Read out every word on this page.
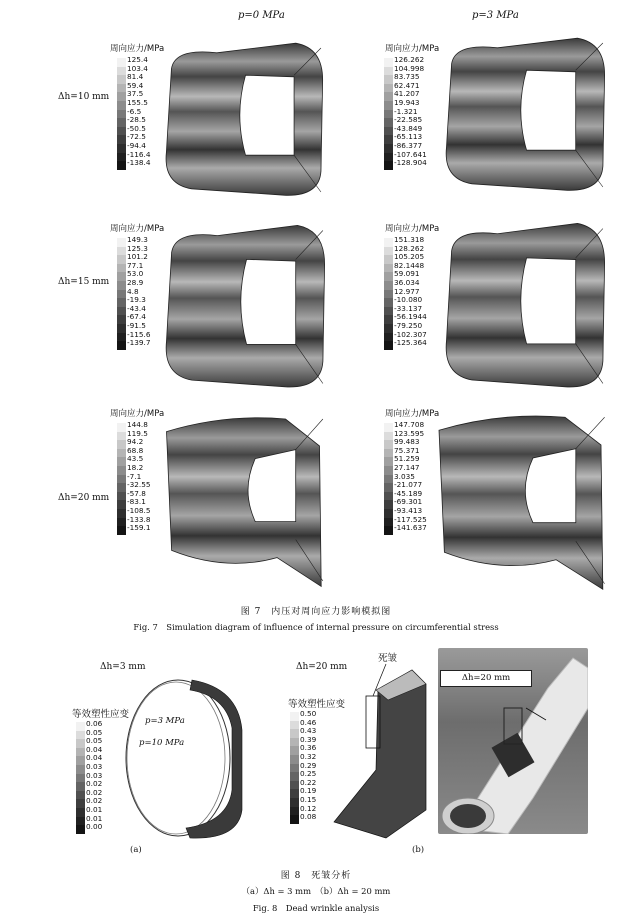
p=0 MPa	p=3 MPa
Δh=10 mm
Δh=15 mm
Δh=20 mm
周向应力/MPa
125.4
103.4
81.4
59.4
37.5
155.5
-6.5
-28.5
-50.5
-72.5
-94.4
-116.4
-138.4
周向应力/MPa
126.262
104.998
83.735
62.471
41.207
19.943
-1.321
-22.585
-43.849
-65.113
-86.377
-107.641
-128.904
周向应力/MPa
149.3
125.3
101.2
77.1
53.0
28.9
4.8
-19.3
-43.4
-67.4
-91.5
-115.6
-139.7
周向应力/MPa
151.318
128.262
105.205
82.1448
59.091
36.034
12.977
-10.080
-33.137
-56.1944
-79.250
-102.307
-125.364
周向应力/MPa
144.8
119.5
94.2
68.8
43.5
18.2
-7.1
-32.55
-57.8
-83.1
-108.5
-133.8
-159.1
周向应力/MPa
147.708
123.595
99.483
75.371
51.259
27.147
3.035
-21.077
-45.189
-69.301
-93.413
-117.525
-141.637
图 7　内压对周向应力影响模拟图
Fig. 7　Simulation diagram of influence of internal pressure on circumferential stress
Δh=3 mm
等效塑性应变
0.06
0.05
0.05
0.04
0.04
0.03
0.03
0.02
0.02
0.02
0.01
0.01
0.00
p=3 MPa
p=10 MPa
(a)
Δh=20 mm
死皱
等效塑性应变
0.50
0.46
0.43
0.39
0.36
0.32
0.29
0.25
0.22
0.19
0.15
0.12
0.08
(b)
Δh=20 mm
图 8　死皱分析
（a）Δh = 3 mm　（b）Δh = 20 mm
Fig. 8　Dead wrinkle analysis
